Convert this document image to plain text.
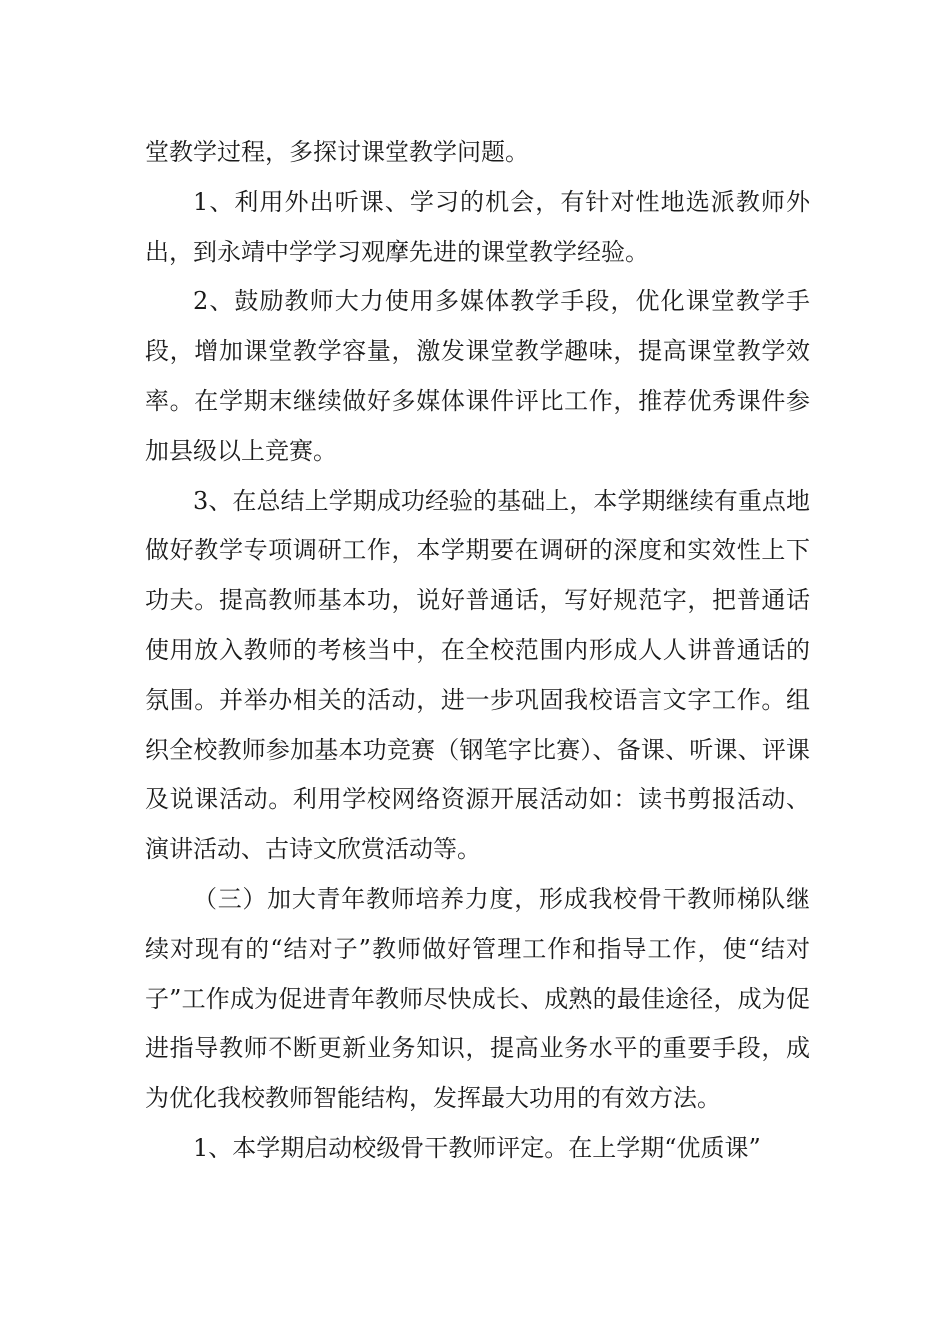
堂教学过程，多探讨课堂教学问题。

1、利用外出听课、学习的机会，有针对性地选派教师外出，到永靖中学学习观摩先进的课堂教学经验。

2、鼓励教师大力使用多媒体教学手段，优化课堂教学手段，增加课堂教学容量，激发课堂教学趣味，提高课堂教学效率。在学期末继续做好多媒体课件评比工作，推荐优秀课件参加县级以上竞赛。

3、在总结上学期成功经验的基础上，本学期继续有重点地做好教学专项调研工作，本学期要在调研的深度和实效性上下功夫。提高教师基本功，说好普通话，写好规范字，把普通话使用放入教师的考核当中，在全校范围内形成人人讲普通话的氛围。并举办相关的活动，进一步巩固我校语言文字工作。组织全校教师参加基本功竞赛（钢笔字比赛）、备课、听课、评课及说课活动。利用学校网络资源开展活动如：读书剪报活动、演讲活动、古诗文欣赏活动等。

（三）加大青年教师培养力度，形成我校骨干教师梯队继续对现有的“结对子”教师做好管理工作和指导工作，使“结对子”工作成为促进青年教师尽快成长、成熟的最佳途径，成为促进指导教师不断更新业务知识，提高业务水平的重要手段，成为优化我校教师智能结构，发挥最大功用的有效方法。

1、本学期启动校级骨干教师评定。在上学期“优质课”
